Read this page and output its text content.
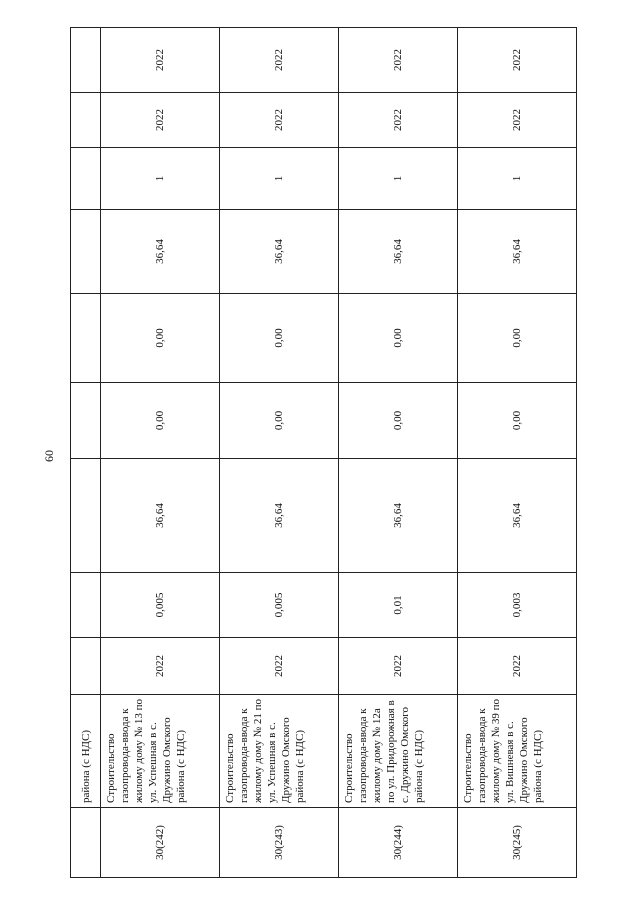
60
	района (с НДС)									
30(242)	Строительство газопровода-ввода к жилому дому № 13 по ул. Успешная в с. Дружино Омского района (с НДС)	2022	0,005	36,64	0,00	0,00	36,64	1	2022	2022
30(243)	Строительство газопровода-ввода к жилому дому № 21 по ул. Успешная в с. Дружино Омского района (с НДС)	2022	0,005	36,64	0,00	0,00	36,64	1	2022	2022
30(244)	Строительство газопровода-ввода к жилому дому № 12а по ул. Придорожная в с. Дружино Омского района (с НДС)	2022	0,01	36,64	0,00	0,00	36,64	1	2022	2022
30(245)	Строительство газопровода-ввода к жилому дому № 39 по ул. Вишневая в с. Дружино Омского района (с НДС)	2022	0,003	36,64	0,00	0,00	36,64	1	2022	2022
